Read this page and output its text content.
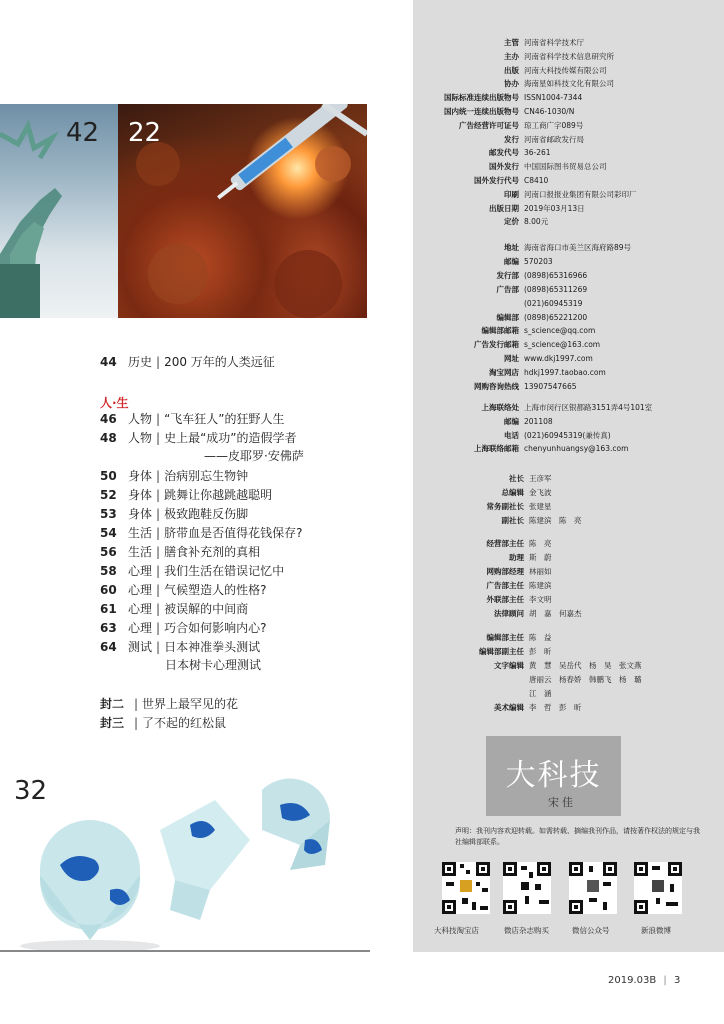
42 22
44 历史 | 200 万年的人类远征
人·生
46 人物 | “飞车狂人”的狂野人生
48 人物 | 史上最“成功”的造假学者
——皮耶罗·安佛萨
50 身体 | 治病别忘生物钟
52 身体 | 跳舞让你越跳越聪明
53 身体 | 极致跑鞋反伤脚
54 生活 | 脐带血是否值得花钱保存?
56 生活 | 膳食补充剂的真相
58 心理 | 我们生活在错误记忆中
60 心理 | 气候塑造人的性格?
61 心理 | 被误解的中间商
63 心理 | 巧合如何影响内心?
64 测试 | 日本神准拳头测试
日本树卡心理测试
封二 | 世界上最罕见的花
封三 | 了不起的红松鼠
32
主管 河南省科学技术厅
主办 河南省科学技术信息研究所
出版 河南大科技传媒有限公司
协办 海南星如科技文化有限公司
国际标准连续出版物号 ISSN1004-7344
国内统一连续出版物号 CN46-1030/N
广告经营许可证号 琼工商广字089号
发行 河南省邮政发行局
邮发代号 36-261
国外发行 中国国际图书贸易总公司
国外发行代号 C8410
印刷 河南口报报业集团有限公司彩印厂
出版日期 2019年03月13日
定价 8.00元
地址 海南省海口市美兰区海府路89号
邮编 570203
发行部 (0898)65316966
广告部 (0898)65311269
(021)60945319
编辑部 (0898)65221200
编辑部邮箱 s_science@qq.com
广告发行邮箱 s_science@163.com
网址 www.dkj1997.com
淘宝网店 hdkj1997.taobao.com
网购咨询热线 13907547665
上海联络处 上海市闵行区银都路3151弄4号101室
邮编 201108
电话 (021)60945319(兼传真)
上海联络邮箱 chenyunhuangsy@163.com
社长 王彦军
总编辑 金飞波
常务副社长 张建星
副社长 陈建滨　陈　亮
经营部主任 陈　亮
助理 斯　蔚
网购部经理 林丽如
广告部主任 陈建滨
外联部主任 李文明
法律顾问 胡　嘉　何嘉杰
编辑部主任 陈　益
编辑部副主任 彭　昕
文字编辑 黄　慧　吴岳代　杨　昊　张文燕
唐丽云　杨春娇　韩鹏飞　杨　璐
江　涵
美术编辑 李　哲　彭　昕
大科技
宋佳
声明：我刊内容欢迎转载。如需转载、摘编我刊作品，请按著作权法的规定与我社编辑部联系。
大科技淘宝店	微店杂志购买	微信公众号	新浪微博
2019.03B | 3
